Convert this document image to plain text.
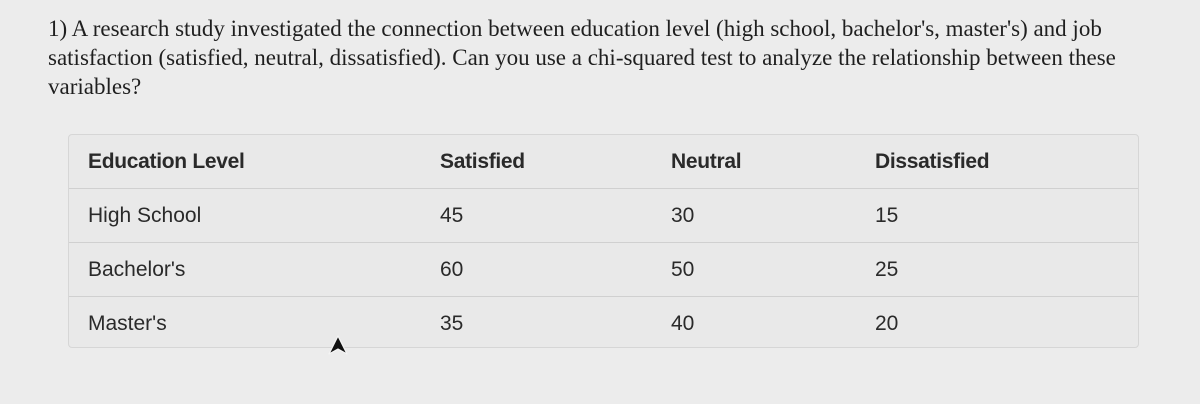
1) A research study investigated the connection between education level (high school, bachelor's, master's) and job satisfaction (satisfied, neutral, dissatisfied). Can you use a chi-squared test to analyze the relationship between these variables?

Education Level	Satisfied	Neutral	Dissatisfied
High School	45	30	15
Bachelor's	60	50	25
Master's	35	40	20
